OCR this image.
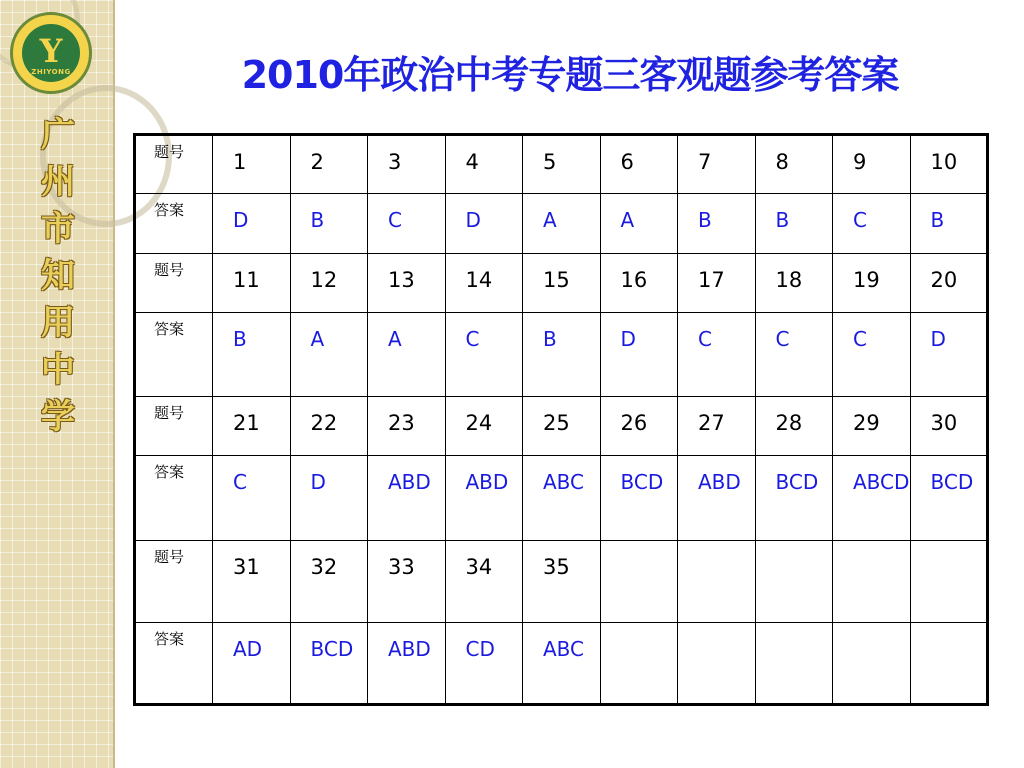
Y
ZHIYONG
广
州
市
知
用
中
学
2010年政治中考专题三客观题参考答案
题号	1	2	3	4	5	6	7	8	9	10
答案	D	B	C	D	A	A	B	B	C	B
题号	11	12	13	14	15	16	17	18	19	20
答案	B	A	A	C	B	D	C	C	C	D
题号	21	22	23	24	25	26	27	28	29	30
答案	C	D	ABD	ABD	ABC	BCD	ABD	BCD	ABCD	BCD
题号	31	32	33	34	35					
答案	AD	BCD	ABD	CD	ABC					
